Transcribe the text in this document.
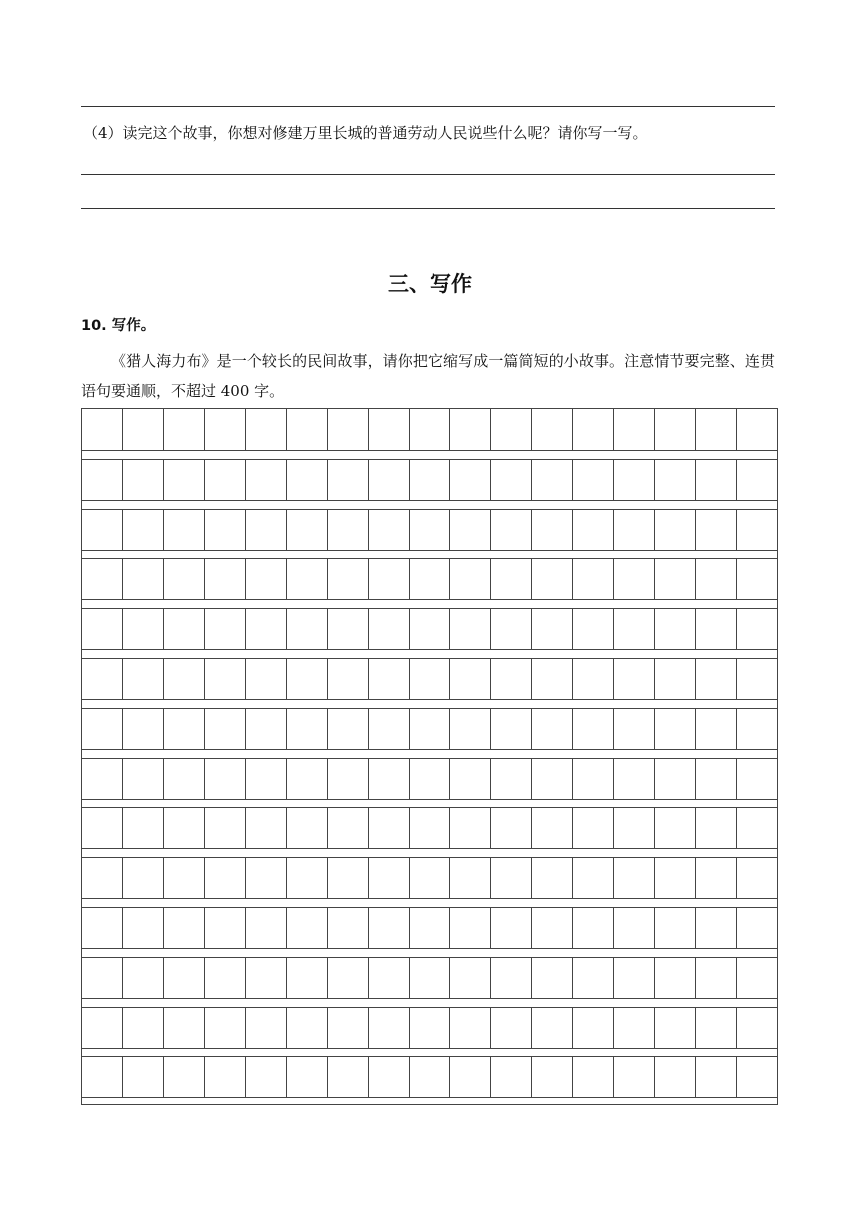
（4）读完这个故事，你想对修建万里长城的普通劳动人民说些什么呢？请你写一写。
三、写作
10. 写作。
《猎人海力布》是一个较长的民间故事，请你把它缩写成一篇简短的小故事。注意情节要完整、连贯语句要通顺，不超过 400 字。
